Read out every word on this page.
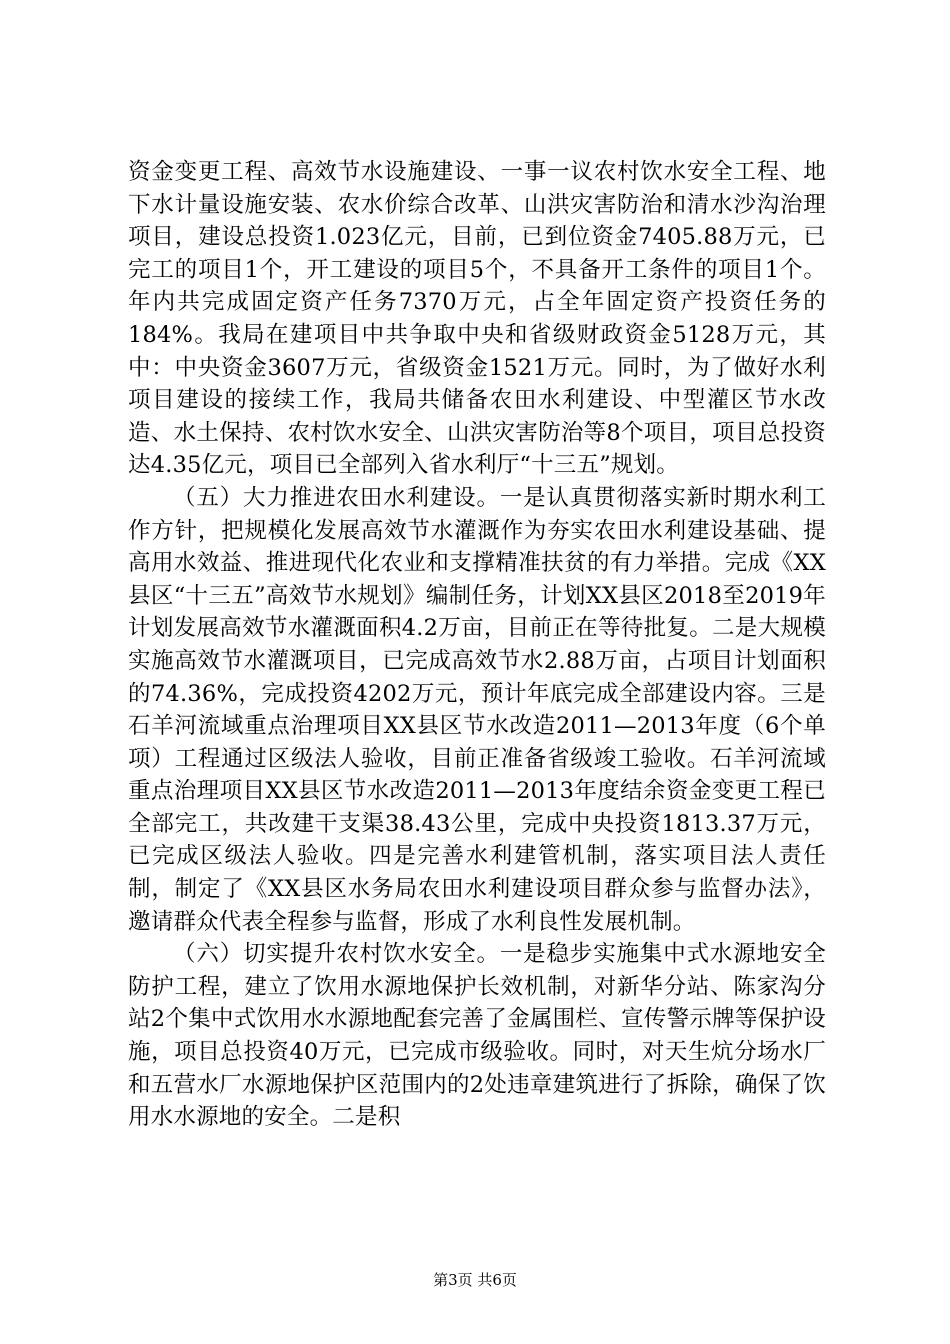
资金变更工程、高效节水设施建设、一事一议农村饮水安全工程、地下水计量设施安装、农水价综合改革、山洪灾害防治和清水沙沟治理项目，建设总投资1.023亿元，目前，已到位资金7405.88万元，已完工的项目1个，开工建设的项目5个，不具备开工条件的项目1个。年内共完成固定资产任务7370万元，占全年固定资产投资任务的184%。我局在建项目中共争取中央和省级财政资金5128万元，其中：中央资金3607万元，省级资金1521万元。同时，为了做好水利项目建设的接续工作，我局共储备农田水利建设、中型灌区节水改造、水土保持、农村饮水安全、山洪灾害防治等8个项目，项目总投资达4.35亿元，项目已全部列入省水利厅“十三五”规划。

（五）大力推进农田水利建设。一是认真贯彻落实新时期水利工作方针，把规模化发展高效节水灌溉作为夯实农田水利建设基础、提高用水效益、推进现代化农业和支撑精准扶贫的有力举措。完成《XX县区“十三五”高效节水规划》编制任务，计划XX县区2018至2019年计划发展高效节水灌溉面积4.2万亩，目前正在等待批复。二是大规模实施高效节水灌溉项目，已完成高效节水2.88万亩，占项目计划面积的74.36%，完成投资4202万元，预计年底完成全部建设内容。三是石羊河流域重点治理项目XX县区节水改造2011—2013年度（6个单项）工程通过区级法人验收，目前正准备省级竣工验收。石羊河流域重点治理项目XX县区节水改造2011—2013年度结余资金变更工程已全部完工，共改建干支渠38.43公里，完成中央投资1813.37万元，已完成区级法人验收。四是完善水利建管机制，落实项目法人责任制，制定了《XX县区水务局农田水利建设项目群众参与监督办法》，邀请群众代表全程参与监督，形成了水利良性发展机制。

（六）切实提升农村饮水安全。一是稳步实施集中式水源地安全防护工程，建立了饮用水源地保护长效机制，对新华分站、陈家沟分站2个集中式饮用水水源地配套完善了金属围栏、宣传警示牌等保护设施，项目总投资40万元，已完成市级验收。同时，对天生炕分场水厂和五营水厂水源地保护区范围内的2处违章建筑进行了拆除，确保了饮用水水源地的安全。二是积

第3页 共6页
